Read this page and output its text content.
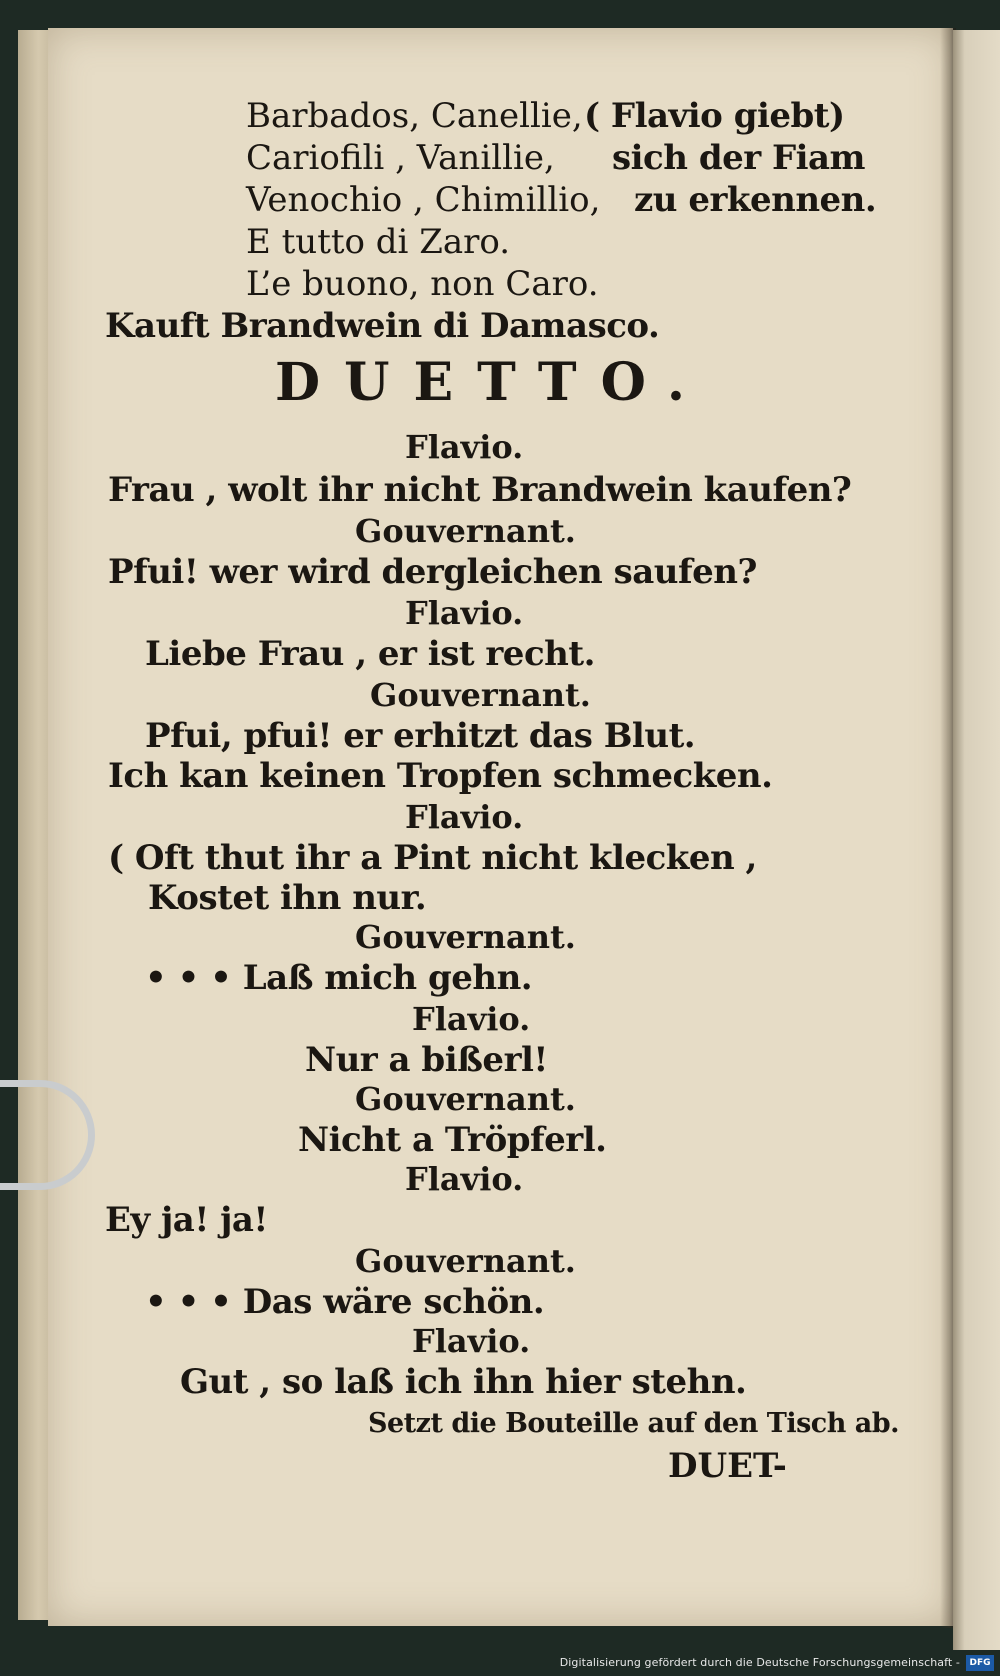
Barbados, Canellie, ( Flavio giebt)
Cariofili , Vanillie, sich der Fiam
Venochio , Chimillio, zu erkennen.
E tutto di Zaro.
L’e buono, non Caro.
Kauft Brandwein di Damasco.
DUETTO.
Flavio.
Frau , wolt ihr nicht Brandwein kaufen?
Gouvernant.
Pfui! wer wird dergleichen saufen?
Flavio.
Liebe Frau , er ist recht.
Gouvernant.
Pfui, pfui! er erhitzt das Blut.
Ich kan keinen Tropfen schmecken.
Flavio.
( Oft thut ihr a Pint nicht klecken ,
Kostet ihn nur.
Gouvernant.
• • • Laß mich gehn.
Flavio.
Nur a bißerl!
Gouvernant.
Nicht a Tröpferl.
Flavio.
Ey ja! ja!
Gouvernant.
• • • Das wäre schön.
Flavio.
Gut , so laß ich ihn hier stehn.
Setzt die Bouteille auf den Tisch ab.
DUET-
Digitalisierung gefördert durch die Deutsche Forschungsgemeinschaft -	DFG
